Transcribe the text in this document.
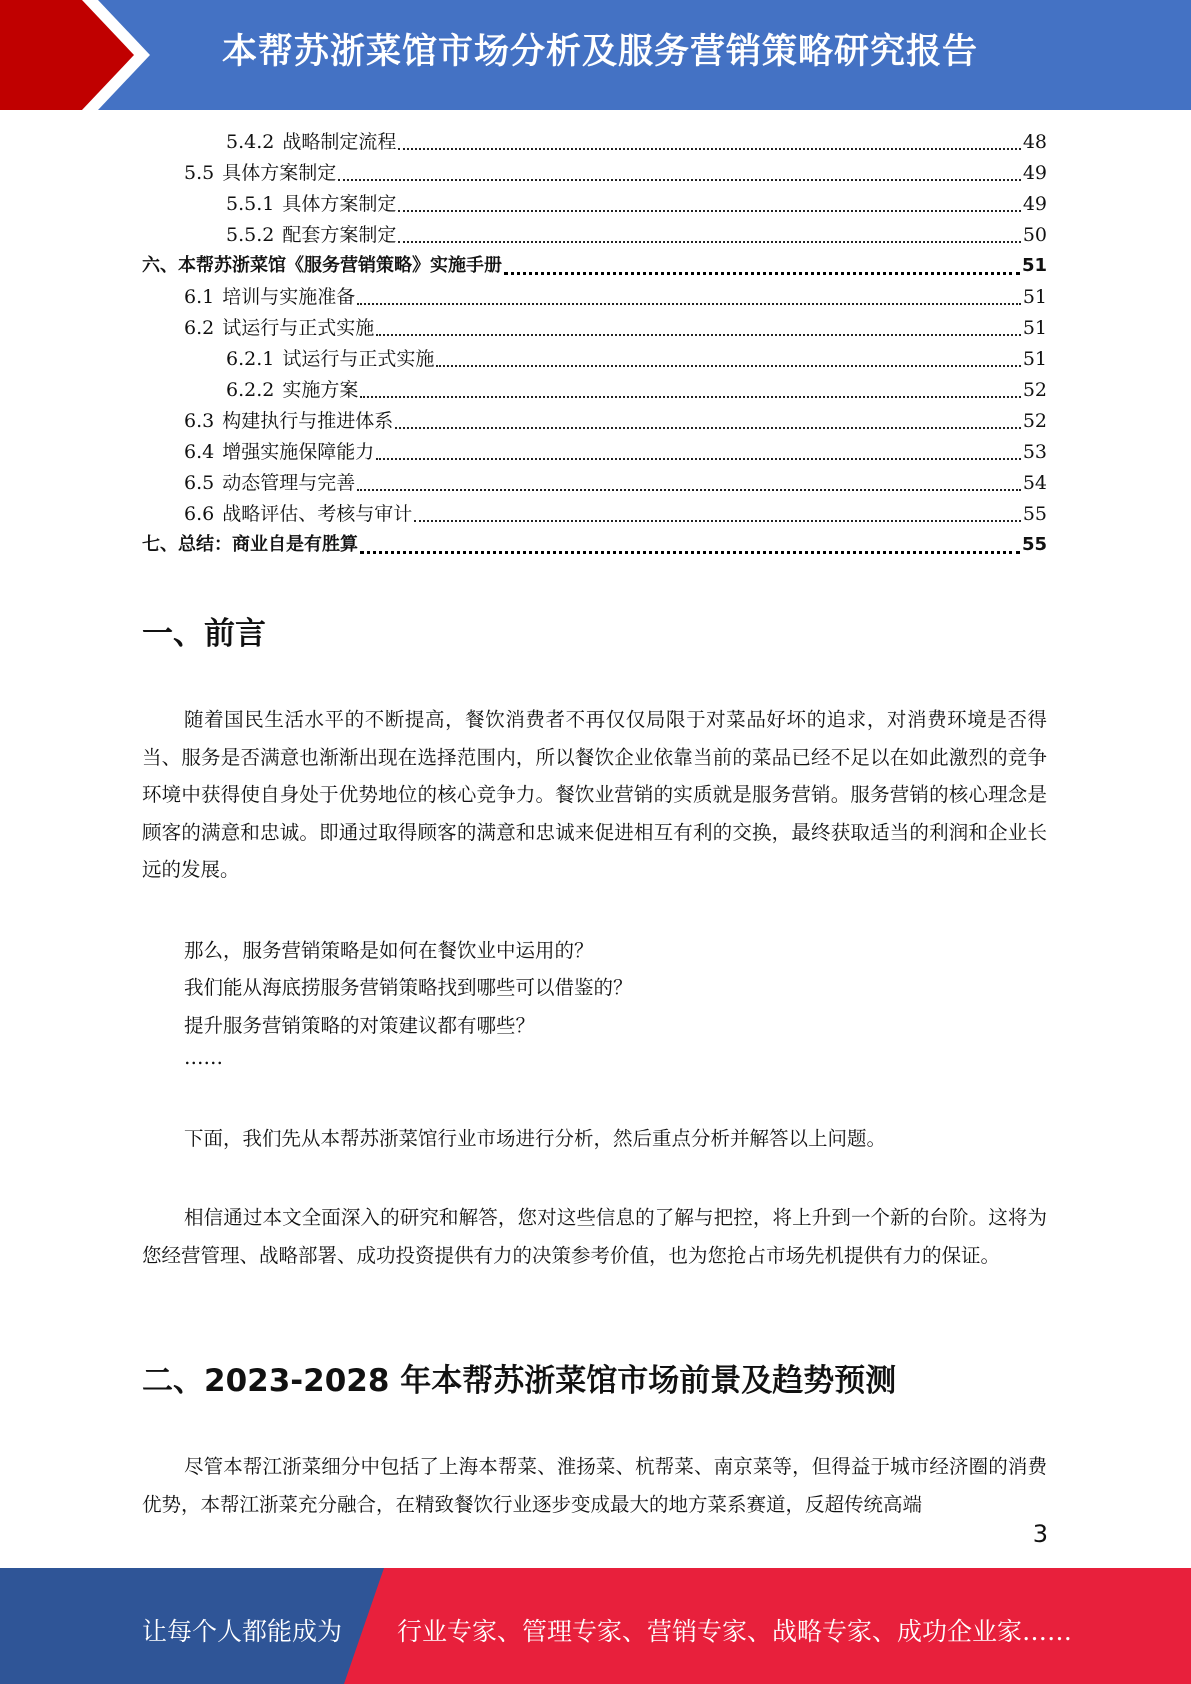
本帮苏浙菜馆市场分析及服务营销策略研究报告
5.4.2 战略制定流程	48
5.5 具体方案制定	49
5.5.1 具体方案制定	49
5.5.2 配套方案制定	50
六、本帮苏浙菜馆《服务营销策略》实施手册	51
6.1 培训与实施准备	51
6.2 试运行与正式实施	51
6.2.1 试运行与正式实施	51
6.2.2 实施方案	52
6.3 构建执行与推进体系	52
6.4 增强实施保障能力	53
6.5 动态管理与完善	54
6.6 战略评估、考核与审计	55
七、总结：商业自是有胜算	55
一、前言
随着国民生活水平的不断提高，餐饮消费者不再仅仅局限于对菜品好坏的追求，对消费环境是否得当、服务是否满意也渐渐出现在选择范围内，所以餐饮企业依靠当前的菜品已经不足以在如此激烈的竞争环境中获得使自身处于优势地位的核心竞争力。餐饮业营销的实质就是服务营销。服务营销的核心理念是顾客的满意和忠诚。即通过取得顾客的满意和忠诚来促进相互有利的交换，最终获取适当的利润和企业长远的发展。
那么，服务营销策略是如何在餐饮业中运用的？
我们能从海底捞服务营销策略找到哪些可以借鉴的？
提升服务营销策略的对策建议都有哪些？
……
下面，我们先从本帮苏浙菜馆行业市场进行分析，然后重点分析并解答以上问题。
相信通过本文全面深入的研究和解答，您对这些信息的了解与把控，将上升到一个新的台阶。这将为您经营管理、战略部署、成功投资提供有力的决策参考价值，也为您抢占市场先机提供有力的保证。
二、2023-2028 年本帮苏浙菜馆市场前景及趋势预测
尽管本帮江浙菜细分中包括了上海本帮菜、淮扬菜、杭帮菜、南京菜等，但得益于城市经济圈的消费优势，本帮江浙菜充分融合，在精致餐饮行业逐步变成最大的地方菜系赛道，反超传统高端
3
让每个人都能成为 行业专家、管理专家、营销专家、战略专家、成功企业家……
